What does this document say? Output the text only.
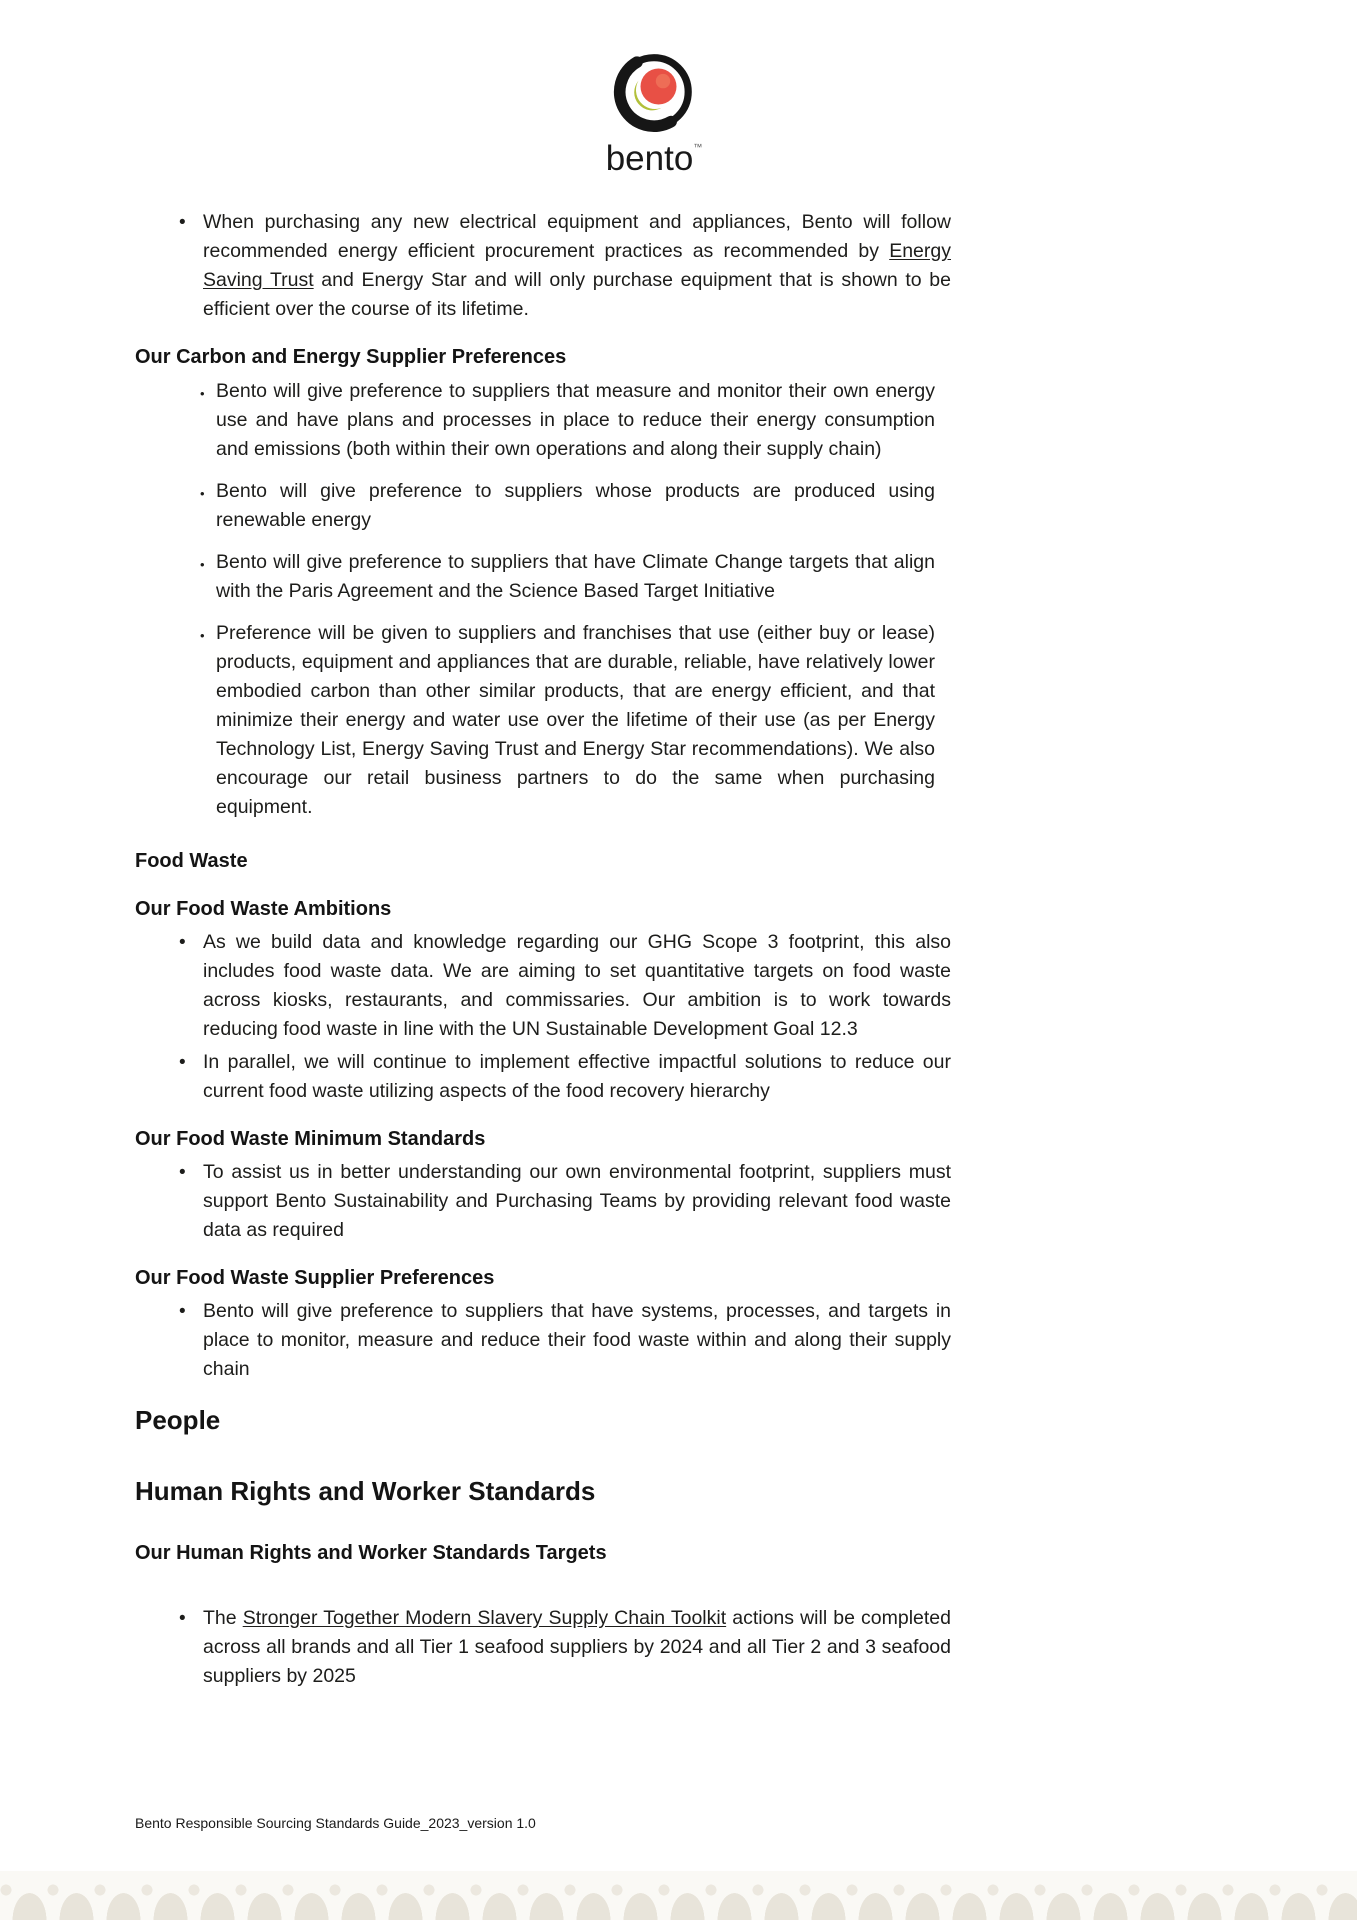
bento™
• When purchasing any new electrical equipment and appliances, Bento will follow recommended energy efficient procurement practices as recommended by Energy Saving Trust and Energy Star and will only purchase equipment that is shown to be efficient over the course of its lifetime.
Our Carbon and Energy Supplier Preferences
• Bento will give preference to suppliers that measure and monitor their own energy use and have plans and processes in place to reduce their energy consumption and emissions (both within their own operations and along their supply chain)
• Bento will give preference to suppliers whose products are produced using renewable energy
• Bento will give preference to suppliers that have Climate Change targets that align with the Paris Agreement and the Science Based Target Initiative
• Preference will be given to suppliers and franchises that use (either buy or lease) products, equipment and appliances that are durable, reliable, have relatively lower embodied carbon than other similar products, that are energy efficient, and that minimize their energy and water use over the lifetime of their use (as per Energy Technology List, Energy Saving Trust and Energy Star recommendations). We also encourage our retail business partners to do the same when purchasing equipment.
Food Waste
Our Food Waste Ambitions
• As we build data and knowledge regarding our GHG Scope 3 footprint, this also includes food waste data. We are aiming to set quantitative targets on food waste across kiosks, restaurants, and commissaries. Our ambition is to work towards reducing food waste in line with the UN Sustainable Development Goal 12.3
• In parallel, we will continue to implement effective impactful solutions to reduce our current food waste utilizing aspects of the food recovery hierarchy
Our Food Waste Minimum Standards
• To assist us in better understanding our own environmental footprint, suppliers must support Bento Sustainability and Purchasing Teams by providing relevant food waste data as required
Our Food Waste Supplier Preferences
• Bento will give preference to suppliers that have systems, processes, and targets in place to monitor, measure and reduce their food waste within and along their supply chain
People
Human Rights and Worker Standards
Our Human Rights and Worker Standards Targets
• The Stronger Together Modern Slavery Supply Chain Toolkit actions will be completed across all brands and all Tier 1 seafood suppliers by 2024 and all Tier 2 and 3 seafood suppliers by 2025
Bento Responsible Sourcing Standards Guide_2023_version 1.0
